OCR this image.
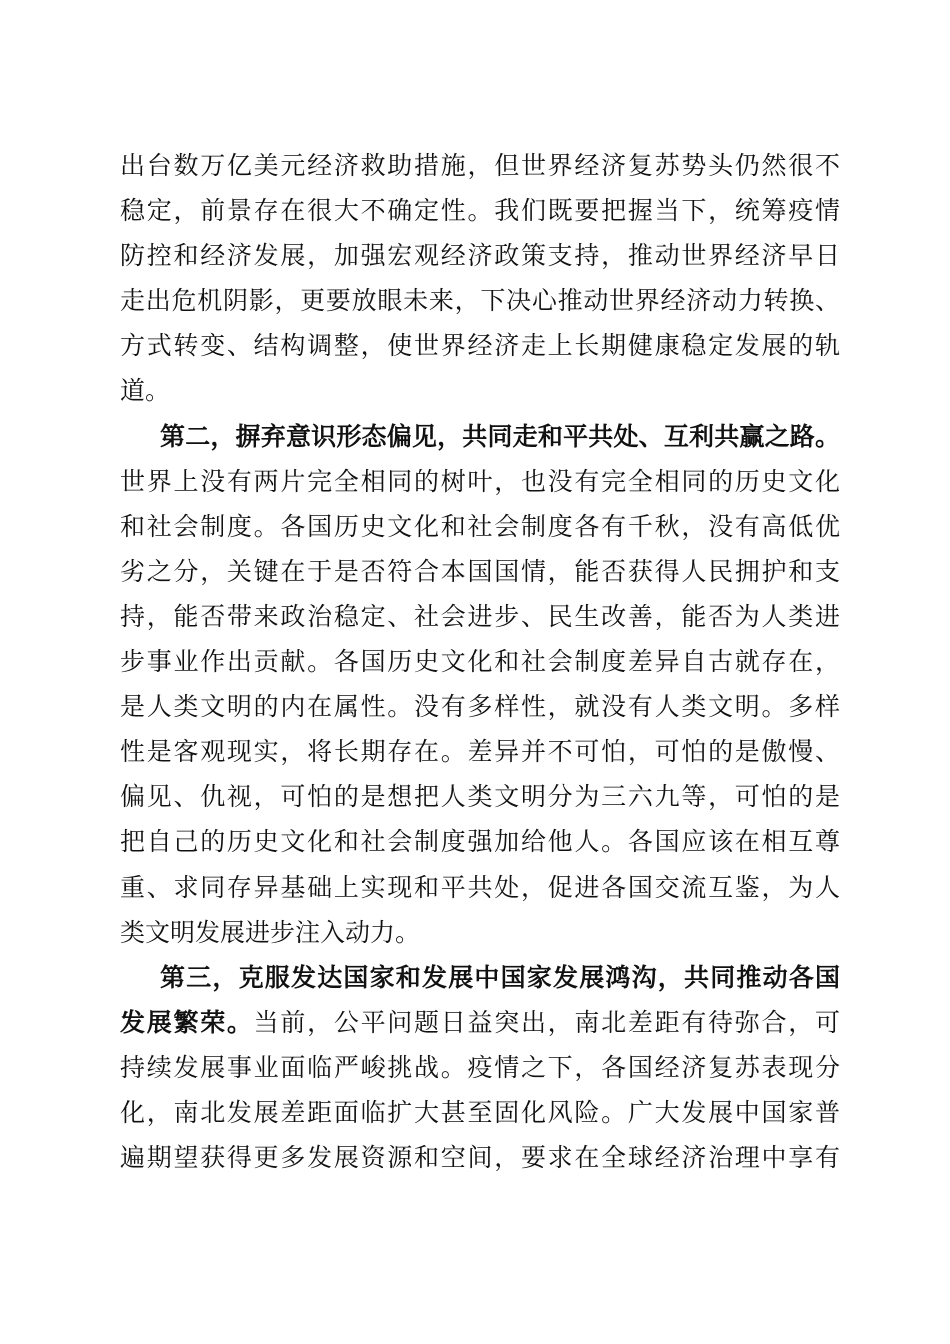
出台数万亿美元经济救助措施，但世界经济复苏势头仍然很不
稳定，前景存在很大不确定性。我们既要把握当下，统筹疫情
防控和经济发展，加强宏观经济政策支持，推动世界经济早日
走出危机阴影，更要放眼未来，下决心推动世界经济动力转换、
方式转变、结构调整，使世界经济走上长期健康稳定发展的轨
道。
第二，摒弃意识形态偏见，共同走和平共处、互利共赢之路。
世界上没有两片完全相同的树叶，也没有完全相同的历史文化
和社会制度。各国历史文化和社会制度各有千秋，没有高低优
劣之分，关键在于是否符合本国国情，能否获得人民拥护和支
持，能否带来政治稳定、社会进步、民生改善，能否为人类进
步事业作出贡献。各国历史文化和社会制度差异自古就存在，
是人类文明的内在属性。没有多样性，就没有人类文明。多样
性是客观现实，将长期存在。差异并不可怕，可怕的是傲慢、
偏见、仇视，可怕的是想把人类文明分为三六九等，可怕的是
把自己的历史文化和社会制度强加给他人。各国应该在相互尊
重、求同存异基础上实现和平共处，促进各国交流互鉴，为人
类文明发展进步注入动力。
第三，克服发达国家和发展中国家发展鸿沟，共同推动各国
发展繁荣。当前，公平问题日益突出，南北差距有待弥合，可
持续发展事业面临严峻挑战。疫情之下，各国经济复苏表现分
化，南北发展差距面临扩大甚至固化风险。广大发展中国家普
遍期望获得更多发展资源和空间，要求在全球经济治理中享有
